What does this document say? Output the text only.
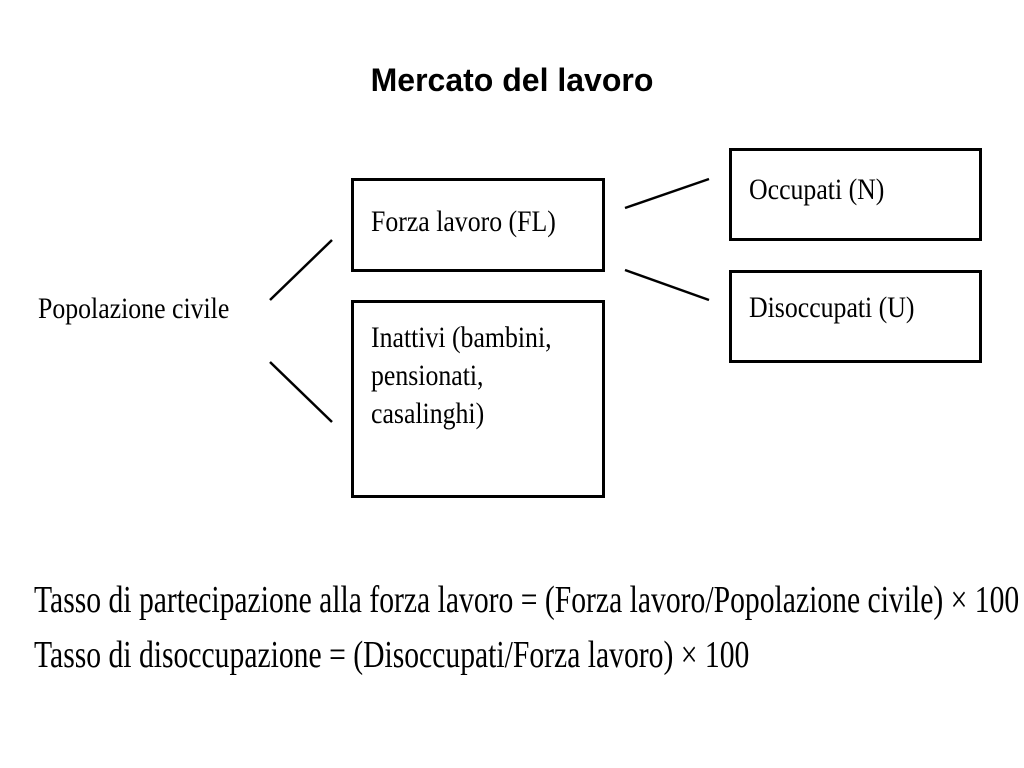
Mercato del lavoro
Popolazione civile
Forza lavoro (FL)
Inattivi (bambini,
pensionati,
casalinghi)
Occupati (N)
Disoccupati (U)
Tasso di partecipazione alla forza lavoro = (Forza lavoro/Popolazione civile) × 100
Tasso di disoccupazione = (Disoccupati/Forza lavoro) × 100
